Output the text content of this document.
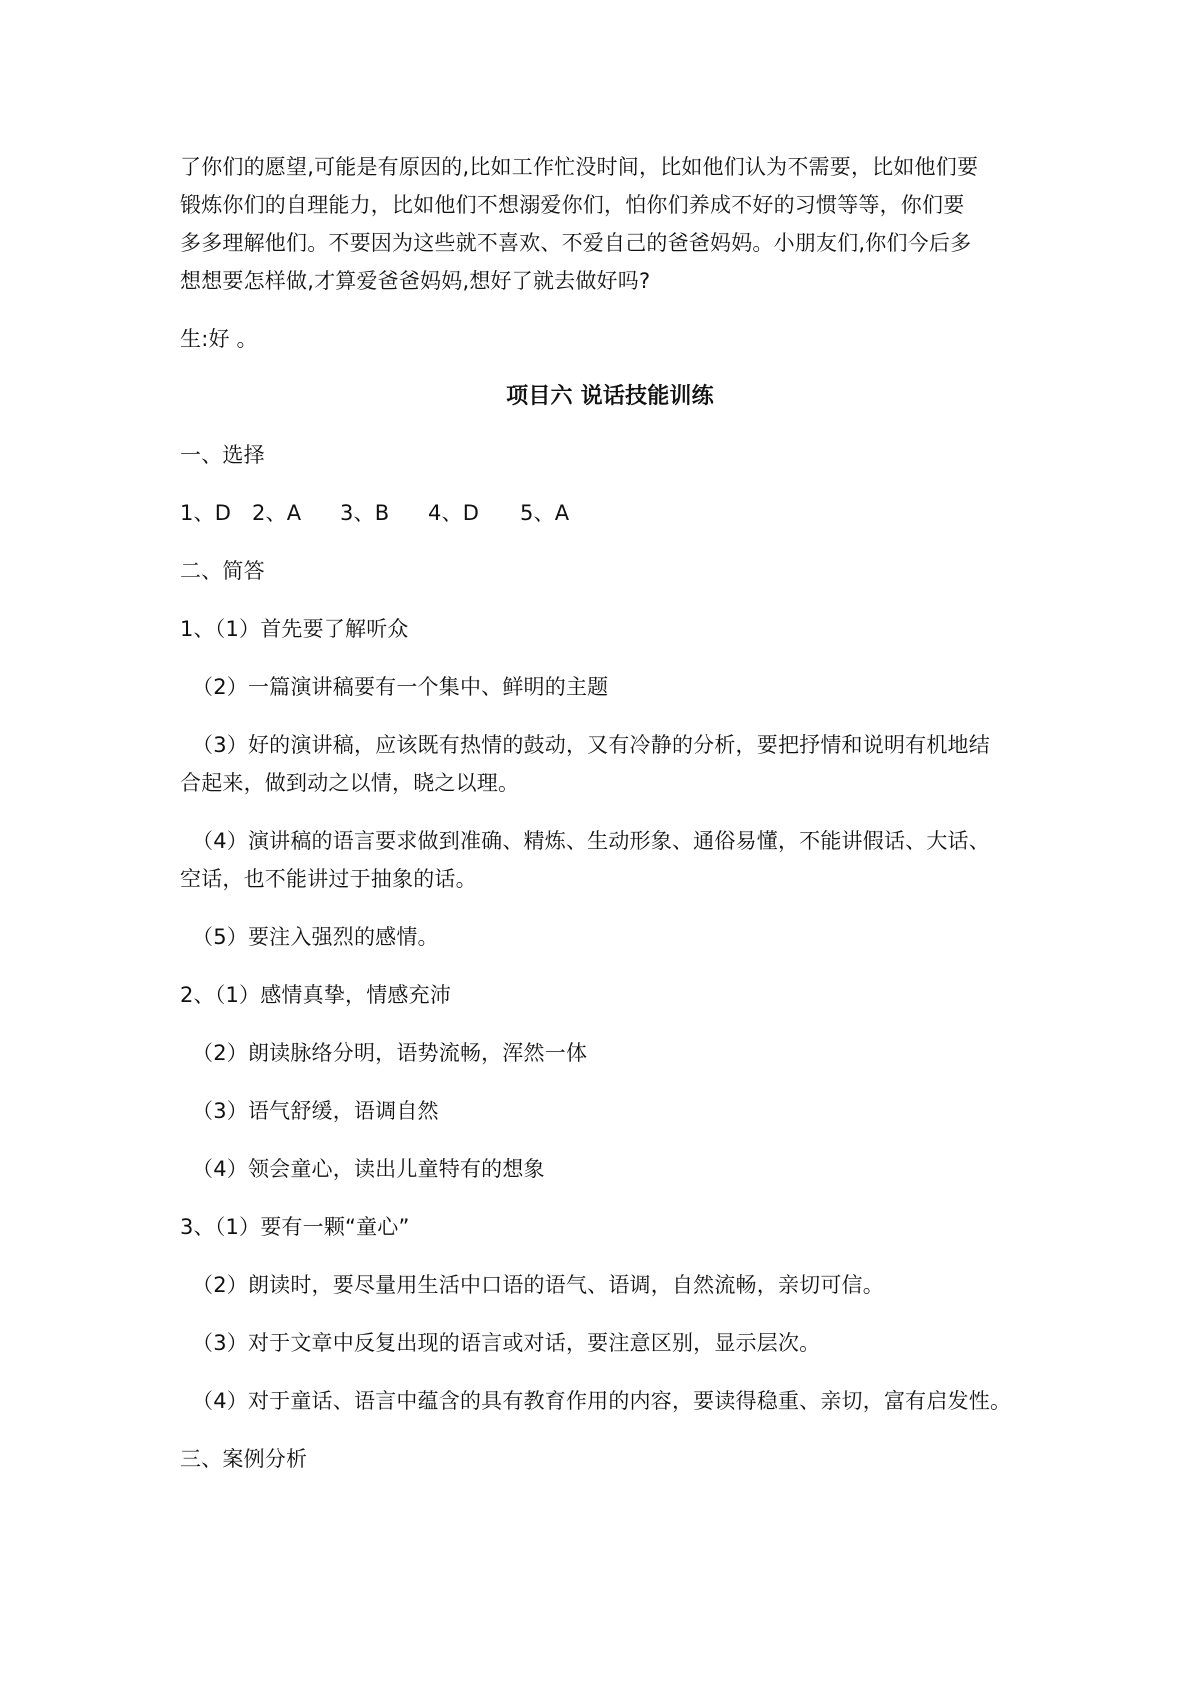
了你们的愿望,可能是有原因的,比如工作忙没时间，比如他们认为不需要，比如他们要
锻炼你们的自理能力，比如他们不想溺爱你们，怕你们养成不好的习惯等等，你们要
多多理解他们。不要因为这些就不喜欢、不爱自己的爸爸妈妈。小朋友们,你们今后多
想想要怎样做,才算爱爸爸妈妈,想好了就去做好吗?
生:好 。
项目六 说话技能训练
一、选择
1、D 2、A 3、B 4、D 5、A
二、简答
1、（1）首先要了解听众
（2）一篇演讲稿要有一个集中、鲜明的主题
（3）好的演讲稿，应该既有热情的鼓动，又有冷静的分析，要把抒情和说明有机地结
合起来，做到动之以情，晓之以理。
（4）演讲稿的语言要求做到准确、精炼、生动形象、通俗易懂，不能讲假话、大话、
空话，也不能讲过于抽象的话。
（5）要注入强烈的感情。
2、（1）感情真挚，情感充沛
（2）朗读脉络分明，语势流畅，浑然一体
（3）语气舒缓，语调自然
（4）领会童心，读出儿童特有的想象
3、（1）要有一颗“童心”
（2）朗读时，要尽量用生活中口语的语气、语调，自然流畅，亲切可信。
（3）对于文章中反复出现的语言或对话，要注意区别，显示层次。
（4）对于童话、语言中蕴含的具有教育作用的内容，要读得稳重、亲切，富有启发性。
三、案例分析
